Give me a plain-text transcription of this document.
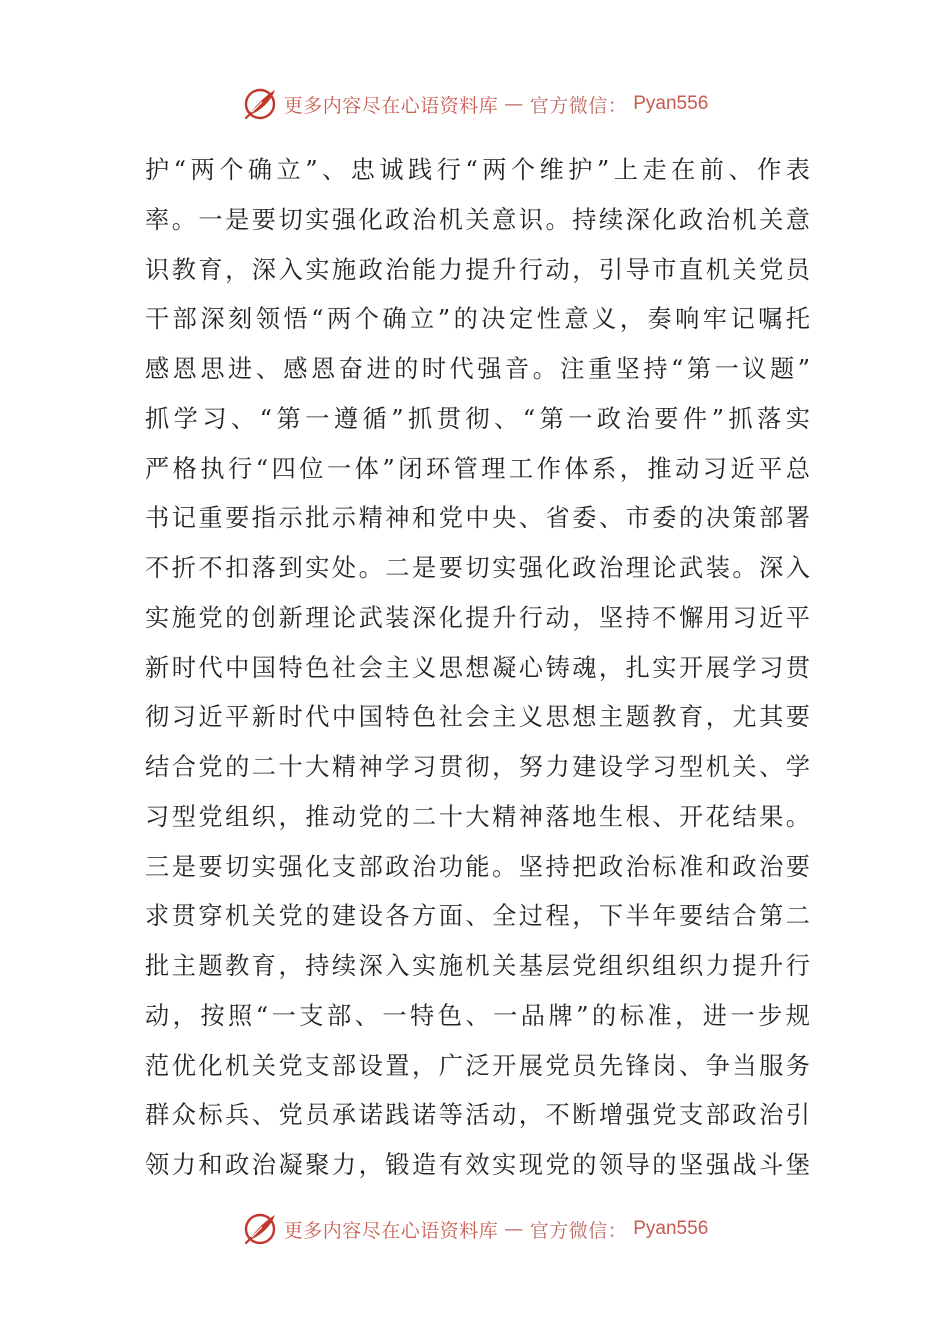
更多内容尽在心语资料库 — 官方微信： Pyan556
护“两个确立”、忠诚践行“两个维护”上走在前、作表
率。一是要切实强化政治机关意识。持续深化政治机关意
识教育，深入实施政治能力提升行动，引导市直机关党员
干部深刻领悟“两个确立”的决定性意义，奏响牢记嘱托
感恩思进、感恩奋进的时代强音。注重坚持“第一议题”
抓学习、“第一遵循”抓贯彻、“第一政治要件”抓落实
严格执行“四位一体”闭环管理工作体系，推动习近平总
书记重要指示批示精神和党中央、省委、市委的决策部署
不折不扣落到实处。二是要切实强化政治理论武装。深入
实施党的创新理论武装深化提升行动，坚持不懈用习近平
新时代中国特色社会主义思想凝心铸魂，扎实开展学习贯
彻习近平新时代中国特色社会主义思想主题教育，尤其要
结合党的二十大精神学习贯彻，努力建设学习型机关、学
习型党组织，推动党的二十大精神落地生根、开花结果。
三是要切实强化支部政治功能。坚持把政治标准和政治要
求贯穿机关党的建设各方面、全过程，下半年要结合第二
批主题教育，持续深入实施机关基层党组织组织力提升行
动，按照“一支部、一特色、一品牌”的标准，进一步规
范优化机关党支部设置，广泛开展党员先锋岗、争当服务
群众标兵、党员承诺践诺等活动，不断增强党支部政治引
领力和政治凝聚力，锻造有效实现党的领导的坚强战斗堡
更多内容尽在心语资料库 — 官方微信： Pyan556
